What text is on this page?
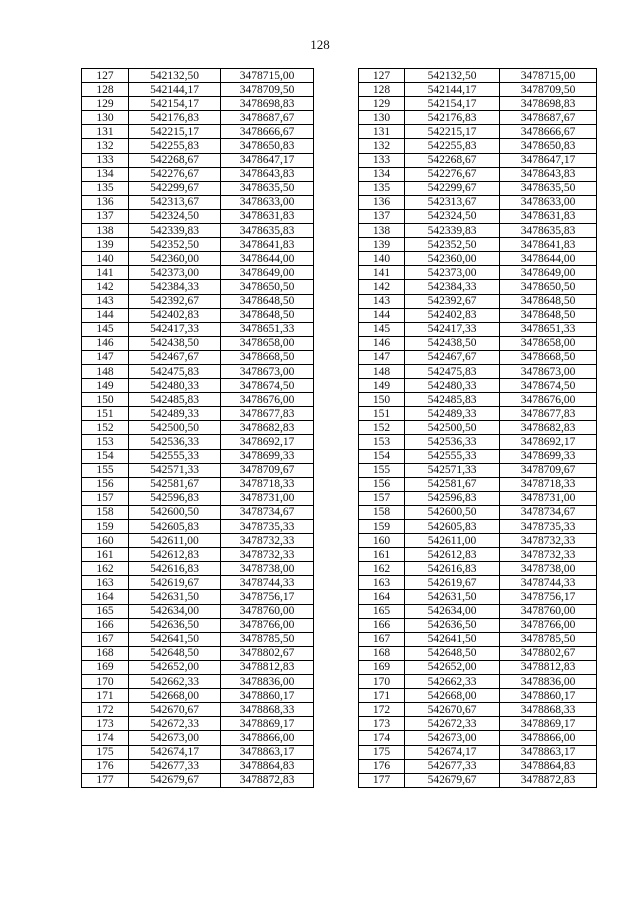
128
127	542132,50	3478715,00
128	542144,17	3478709,50
129	542154,17	3478698,83
130	542176,83	3478687,67
131	542215,17	3478666,67
132	542255,83	3478650,83
133	542268,67	3478647,17
134	542276,67	3478643,83
135	542299,67	3478635,50
136	542313,67	3478633,00
137	542324,50	3478631,83
138	542339,83	3478635,83
139	542352,50	3478641,83
140	542360,00	3478644,00
141	542373,00	3478649,00
142	542384,33	3478650,50
143	542392,67	3478648,50
144	542402,83	3478648,50
145	542417,33	3478651,33
146	542438,50	3478658,00
147	542467,67	3478668,50
148	542475,83	3478673,00
149	542480,33	3478674,50
150	542485,83	3478676,00
151	542489,33	3478677,83
152	542500,50	3478682,83
153	542536,33	3478692,17
154	542555,33	3478699,33
155	542571,33	3478709,67
156	542581,67	3478718,33
157	542596,83	3478731,00
158	542600,50	3478734,67
159	542605,83	3478735,33
160	542611,00	3478732,33
161	542612,83	3478732,33
162	542616,83	3478738,00
163	542619,67	3478744,33
164	542631,50	3478756,17
165	542634,00	3478760,00
166	542636,50	3478766,00
167	542641,50	3478785,50
168	542648,50	3478802,67
169	542652,00	3478812,83
170	542662,33	3478836,00
171	542668,00	3478860,17
172	542670,67	3478868,33
173	542672,33	3478869,17
174	542673,00	3478866,00
175	542674,17	3478863,17
176	542677,33	3478864,83
177	542679,67	3478872,83
127	542132,50	3478715,00
128	542144,17	3478709,50
129	542154,17	3478698,83
130	542176,83	3478687,67
131	542215,17	3478666,67
132	542255,83	3478650,83
133	542268,67	3478647,17
134	542276,67	3478643,83
135	542299,67	3478635,50
136	542313,67	3478633,00
137	542324,50	3478631,83
138	542339,83	3478635,83
139	542352,50	3478641,83
140	542360,00	3478644,00
141	542373,00	3478649,00
142	542384,33	3478650,50
143	542392,67	3478648,50
144	542402,83	3478648,50
145	542417,33	3478651,33
146	542438,50	3478658,00
147	542467,67	3478668,50
148	542475,83	3478673,00
149	542480,33	3478674,50
150	542485,83	3478676,00
151	542489,33	3478677,83
152	542500,50	3478682,83
153	542536,33	3478692,17
154	542555,33	3478699,33
155	542571,33	3478709,67
156	542581,67	3478718,33
157	542596,83	3478731,00
158	542600,50	3478734,67
159	542605,83	3478735,33
160	542611,00	3478732,33
161	542612,83	3478732,33
162	542616,83	3478738,00
163	542619,67	3478744,33
164	542631,50	3478756,17
165	542634,00	3478760,00
166	542636,50	3478766,00
167	542641,50	3478785,50
168	542648,50	3478802,67
169	542652,00	3478812,83
170	542662,33	3478836,00
171	542668,00	3478860,17
172	542670,67	3478868,33
173	542672,33	3478869,17
174	542673,00	3478866,00
175	542674,17	3478863,17
176	542677,33	3478864,83
177	542679,67	3478872,83
